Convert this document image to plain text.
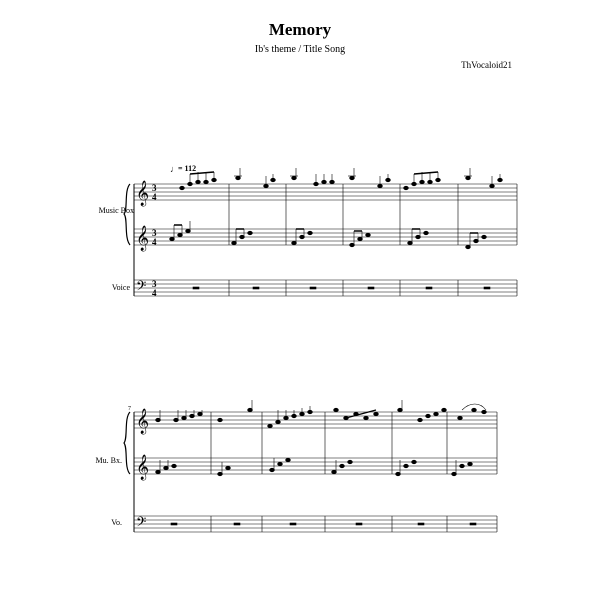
Memory
Ib's theme / Title Song
ThVocaloid21
Music Box
Voice
Mu. Bx.
Vo.
𝄞
𝄞
𝄢
3
4
3
4
3
4
♩
7 𝄞
𝄞
𝄢
= 112
